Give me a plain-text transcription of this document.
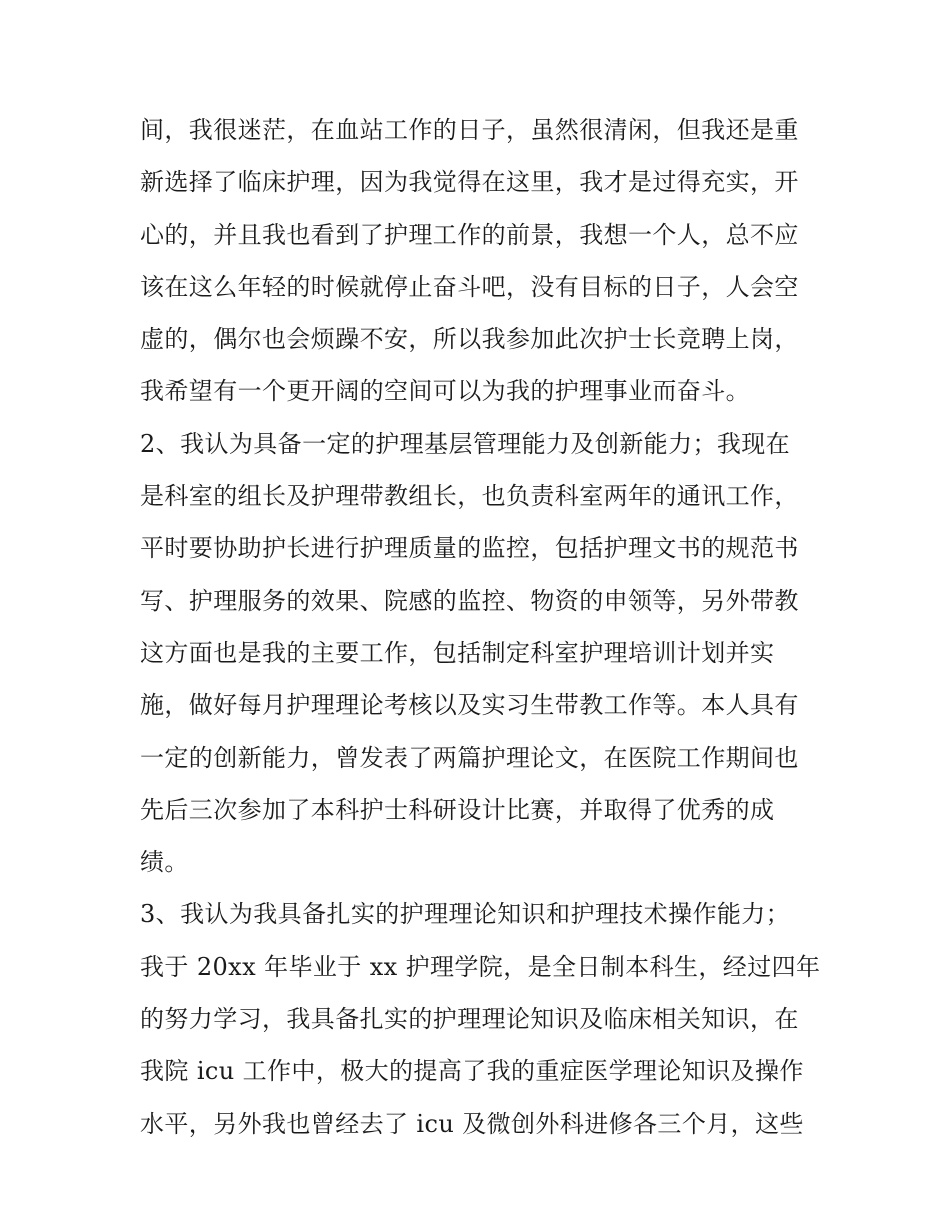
间，我很迷茫，在血站工作的日子，虽然很清闲，但我还是重
新选择了临床护理，因为我觉得在这里，我才是过得充实，开
心的，并且我也看到了护理工作的前景，我想一个人，总不应
该在这么年轻的时候就停止奋斗吧，没有目标的日子，人会空
虚的，偶尔也会烦躁不安，所以我参加此次护士长竞聘上岗，
我希望有一个更开阔的空间可以为我的护理事业而奋斗。
2、我认为具备一定的护理基层管理能力及创新能力；我现在
是科室的组长及护理带教组长，也负责科室两年的通讯工作，
平时要协助护长进行护理质量的监控，包括护理文书的规范书
写、护理服务的效果、院感的监控、物资的申领等，另外带教
这方面也是我的主要工作，包括制定科室护理培训计划并实
施，做好每月护理理论考核以及实习生带教工作等。本人具有
一定的创新能力，曾发表了两篇护理论文，在医院工作期间也
先后三次参加了本科护士科研设计比赛，并取得了优秀的成
绩。
3、我认为我具备扎实的护理理论知识和护理技术操作能力；
我于 20xx 年毕业于 xx 护理学院，是全日制本科生，经过四年
的努力学习，我具备扎实的护理理论知识及临床相关知识，在
我院 icu 工作中，极大的提高了我的重症医学理论知识及操作
水平，另外我也曾经去了 icu 及微创外科进修各三个月，这些
